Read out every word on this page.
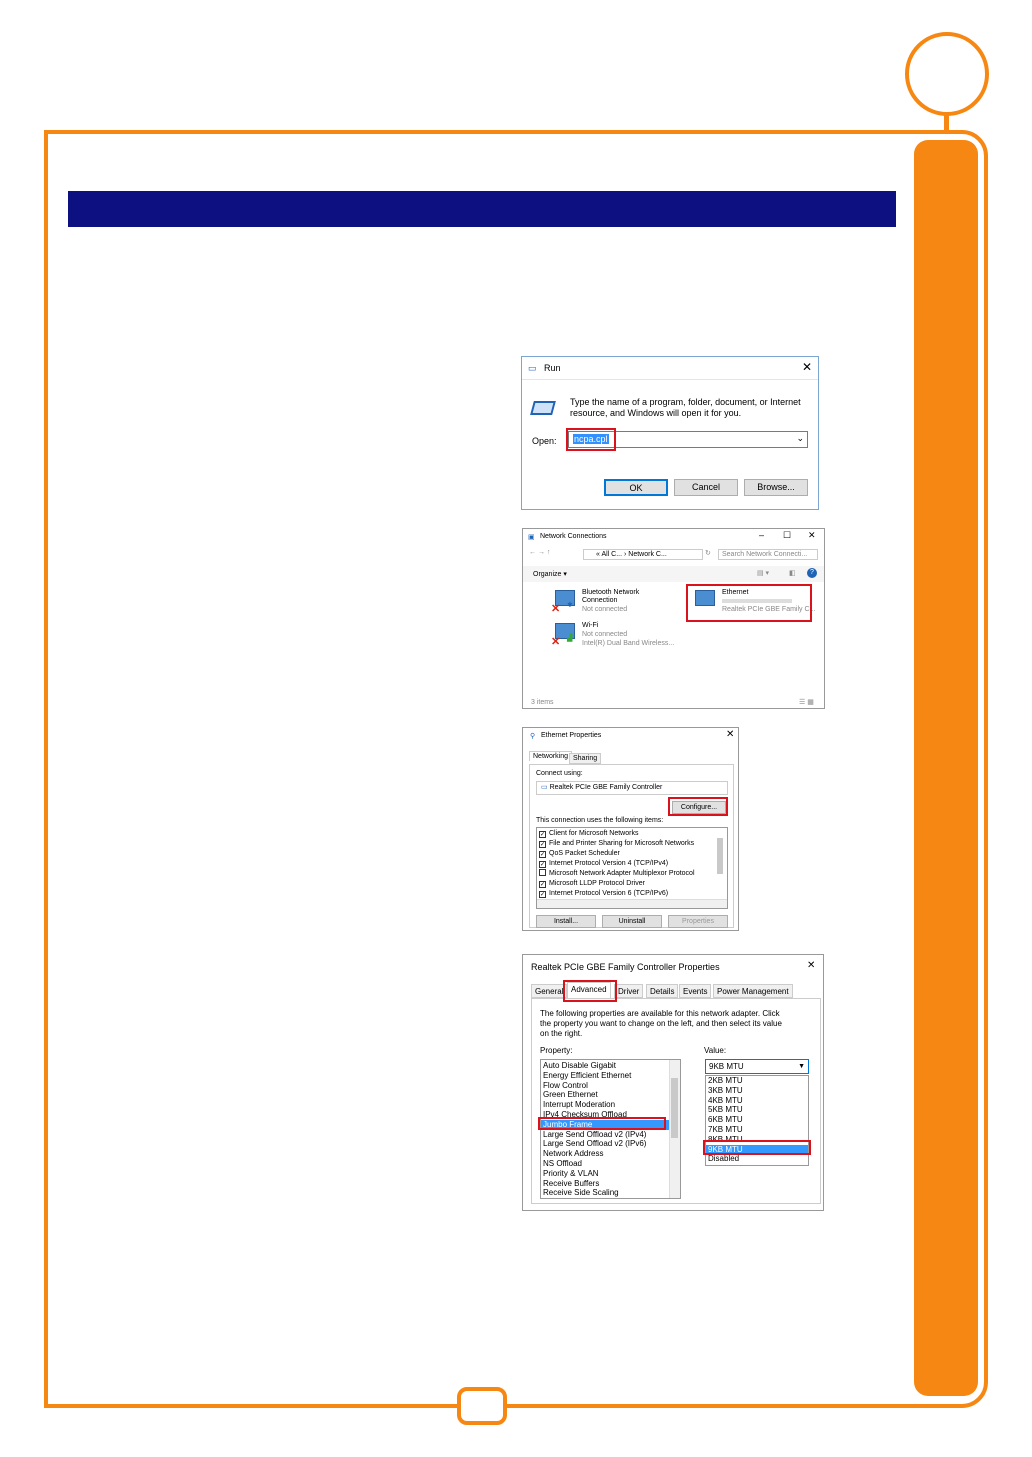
▭ Run	✕
Type the name of a program, folder, document, or Internet
resource, and Windows will open it for you.
Open: ncpa.cpl	⌄
OK	Cancel	Browse...
▣ Network Connections	– ☐ ✕
← → ↑	« All C... › Network C...	↻	Search Network Connecti...
Organize ▾	▤ ▾	◧	?
✕ ✱
Bluetooth Network
Connection
Not connected
Ethernet
Realtek PCIe GBE Family C...
✕ ▟
Wi-Fi
Not connected
Intel(R) Dual Band Wireless...
3 items	☰ ▦
⚲ Ethernet Properties	✕
Networking Sharing
Connect using:
▭ Realtek PCIe GBE Family Controller
Configure...
This connection uses the following items:
✓ Client for Microsoft Networks
✓ File and Printer Sharing for Microsoft Networks
✓ QoS Packet Scheduler
✓ Internet Protocol Version 4 (TCP/IPv4)
Microsoft Network Adapter Multiplexor Protocol
✓ Microsoft LLDP Protocol Driver
✓ Internet Protocol Version 6 (TCP/IPv6)
Install...	Uninstall	Properties
Realtek PCIe GBE Family Controller Properties	✕
General Advanced	Driver	Details	Events	Power Management
The following properties are available for this network adapter. Click
the property you want to change on the left, and then select its value
on the right.
Property:	Value:
Auto Disable Gigabit
Energy Efficient Ethernet
Flow Control
Green Ethernet
Interrupt Moderation
IPv4 Checksum Offload
Jumbo Frame
Large Send Offload v2 (IPv4)
Large Send Offload v2 (IPv6)
Network Address
NS Offload
Priority & VLAN
Receive Buffers
Receive Side Scaling
9KB MTU	▼
2KB MTU
3KB MTU
4KB MTU
5KB MTU
6KB MTU
7KB MTU
8KB MTU
9KB MTU
Disabled
